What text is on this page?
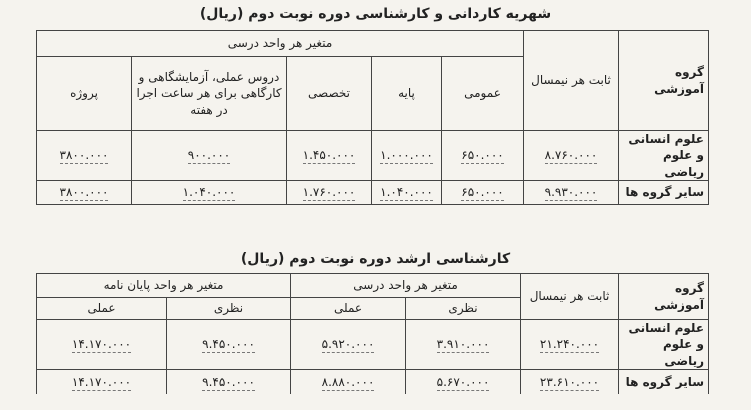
شهریه کاردانی و کارشناسی دوره نوبت دوم (ریال)
گروه آموزشی	ثابت هر نیمسال	متغیر هر واحد درسی				
		عمومی	پایه	تخصصی	دروس عملی، آزمایشگاهی و کارگاهی برای هر ساعت اجرا در هفته	پروژه
علوم انسانی و علوم ریاضی	۸.۷۶۰.۰۰۰	۶۵۰.۰۰۰	۱.۰۰۰.۰۰۰	۱.۴۵۰.۰۰۰	۹۰۰.۰۰۰	۳۸۰۰.۰۰۰
سایر گروه ها	۹.۹۳۰.۰۰۰	۶۵۰.۰۰۰	۱.۰۴۰.۰۰۰	۱.۷۶۰.۰۰۰	۱.۰۴۰.۰۰۰	۳۸۰۰.۰۰۰
کارشناسی ارشد دوره نوبت دوم (ریال)
گروه آموزشی	ثابت هر نیمسال	متغیر هر واحد درسی		متغیر هر واحد پایان نامه	
		نظری	عملی	نظری	عملی
علوم انسانی و علوم ریاضی	۲۱.۲۴۰.۰۰۰	۳.۹۱۰.۰۰۰	۵.۹۲۰.۰۰۰	۹.۴۵۰.۰۰۰	۱۴.۱۷۰.۰۰۰
سایر گروه ها	۲۳.۶۱۰.۰۰۰	۵.۶۷۰.۰۰۰	۸.۸۸۰.۰۰۰	۹.۴۵۰.۰۰۰	۱۴.۱۷۰.۰۰۰
